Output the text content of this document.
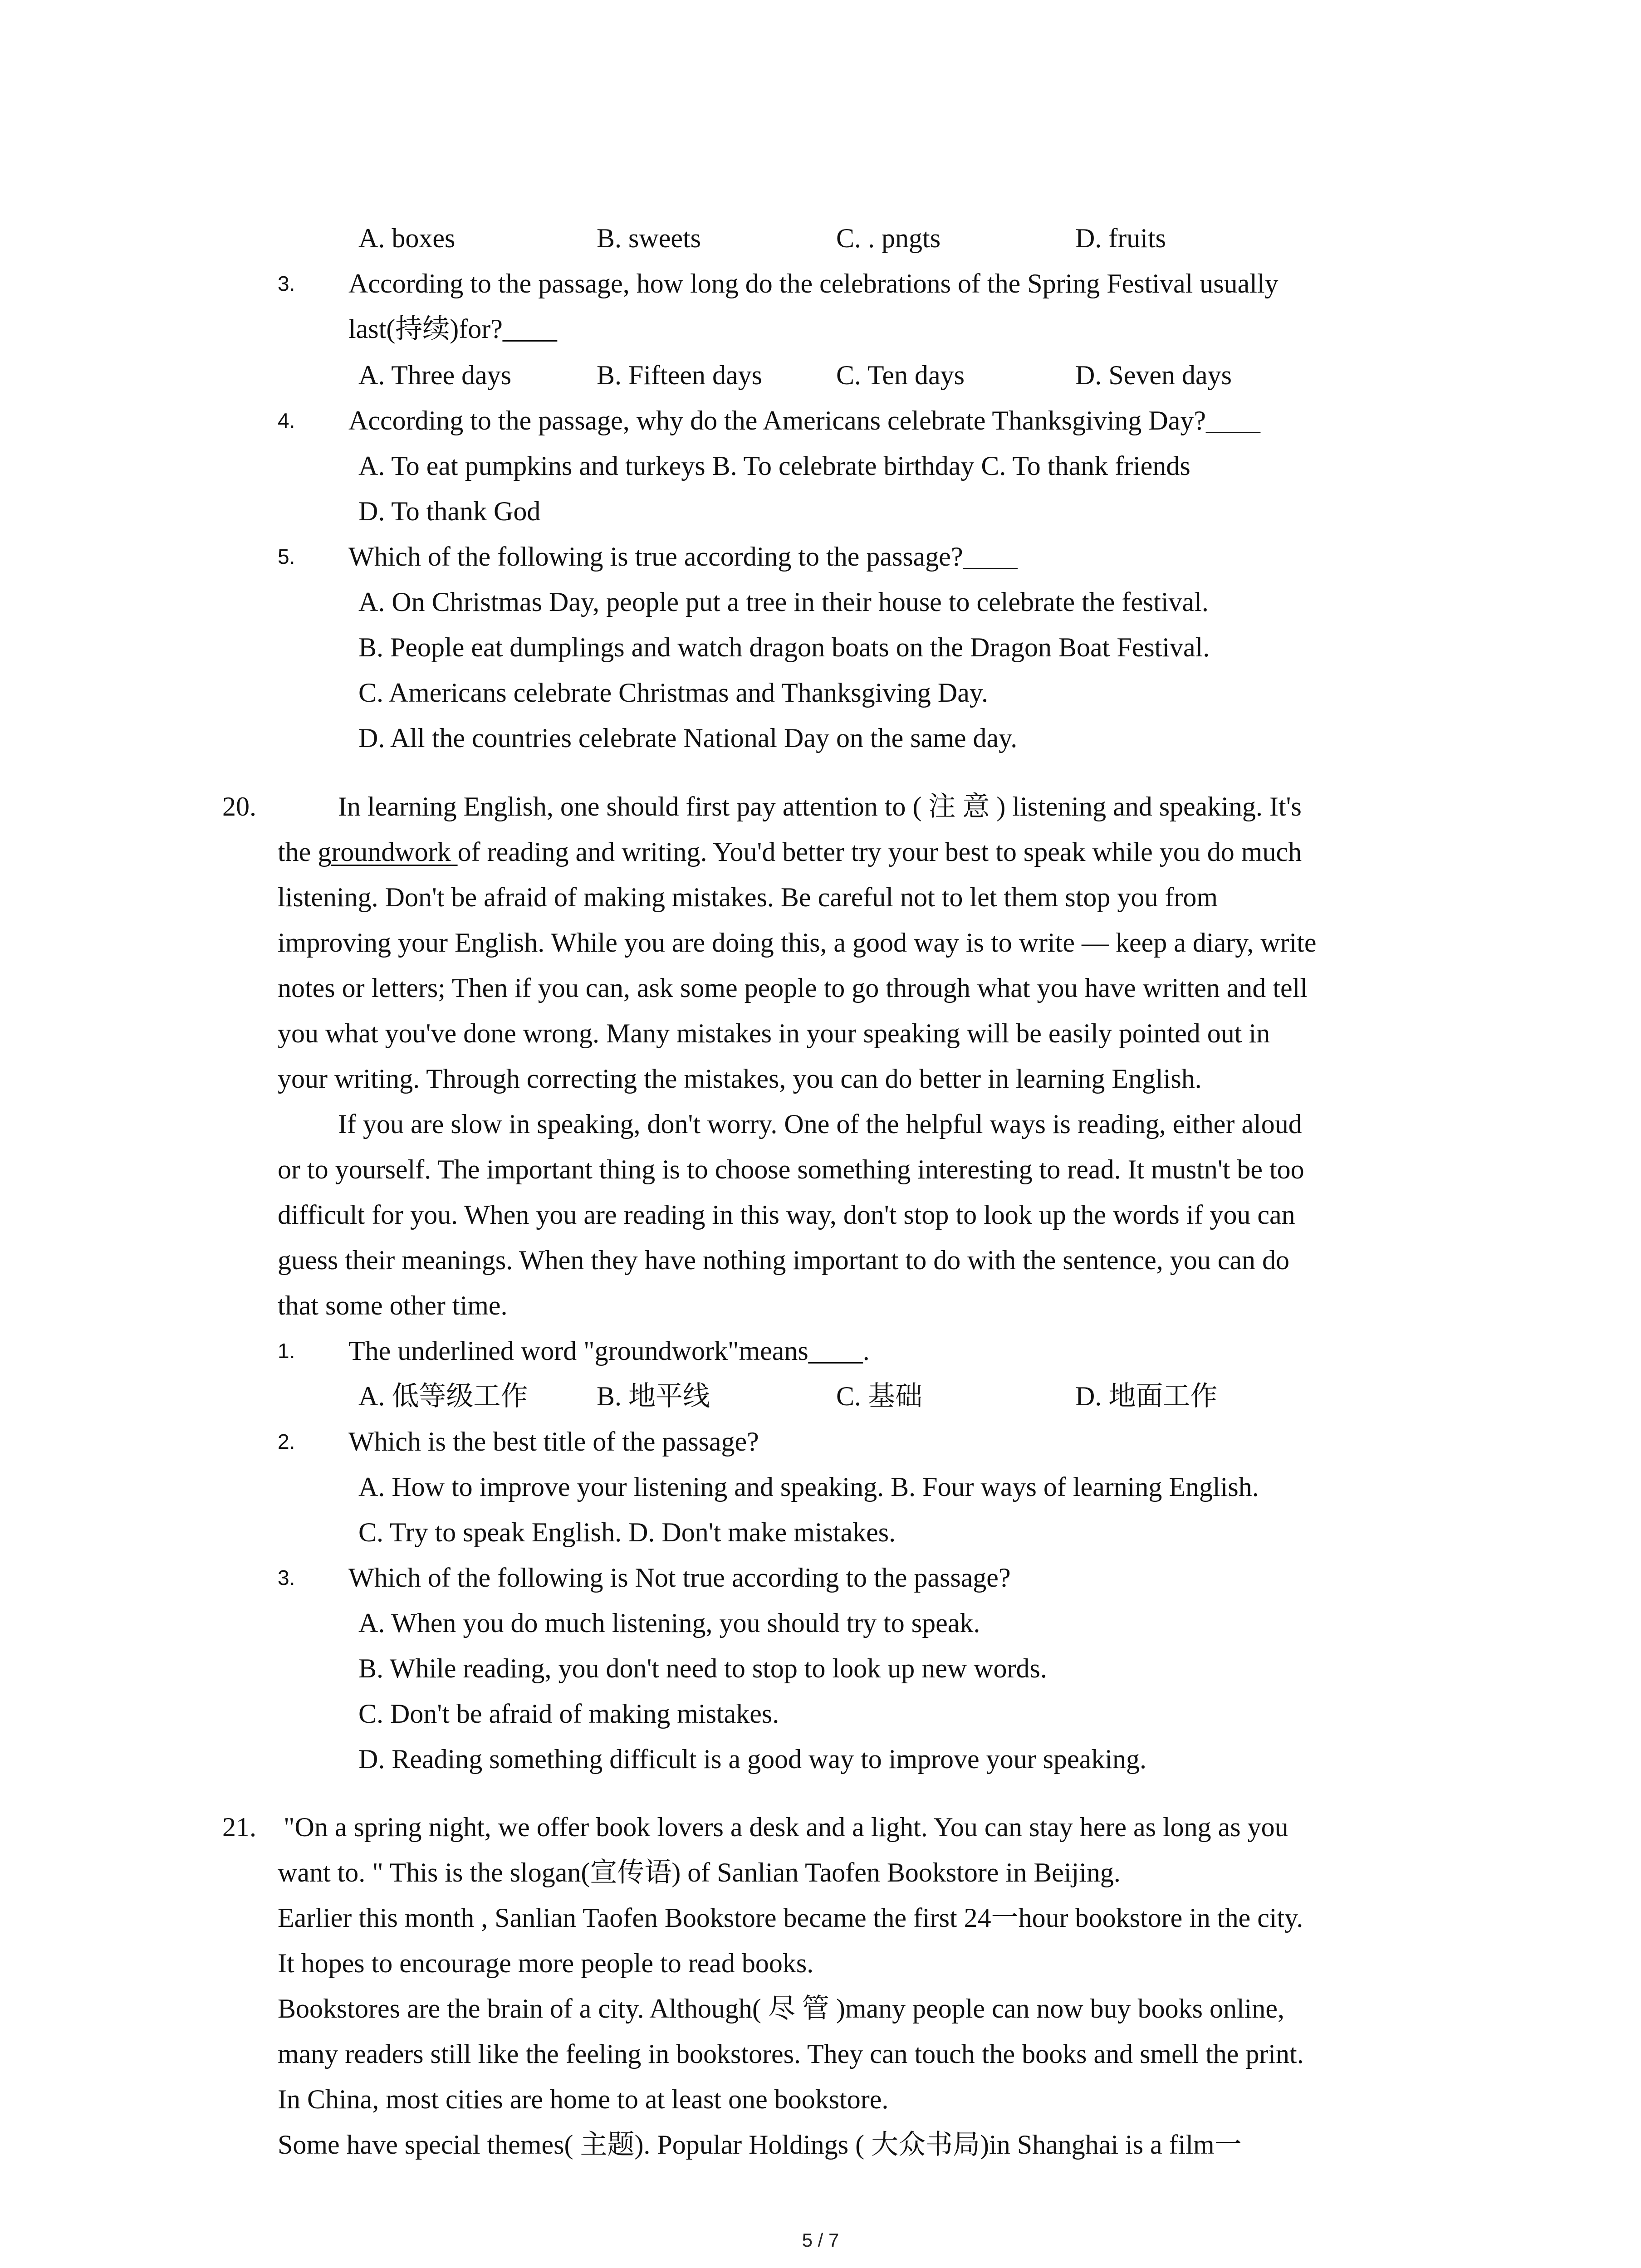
A. boxes	B. sweets	C. . pngts	D. fruits
3. According to the passage, how long do the celebrations of the Spring Festival usually
last(持续)for?____
A. Three days	B. Fifteen days	C. Ten days	D. Seven days
4. According to the passage, why do the Americans celebrate Thanksgiving Day?____
A. To eat pumpkins and turkeys B. To celebrate birthday C. To thank friends
D. To thank God
5. Which of the following is true according to the passage?____
A. On Christmas Day, people put a tree in their house to celebrate the festival.
B. People eat dumplings and watch dragon boats on the Dragon Boat Festival.
C. Americans celebrate Christmas and Thanksgiving Day.
D. All the countries celebrate National Day on the same day.
20.	In learning English, one should first pay attention to ( 注 意 ) listening and speaking. It's
the groundwork of reading and writing. You'd better try your best to speak while you do much
listening. Don't be afraid of making mistakes. Be careful not to let them stop you from
improving your English. While you are doing this, a good way is to write — keep a diary, write
notes or letters; Then if you can, ask some people to go through what you have written and tell
you what you've done wrong. Many mistakes in your speaking will be easily pointed out in
your writing. Through correcting the mistakes, you can do better in learning English.
If you are slow in speaking, don't worry. One of the helpful ways is reading, either aloud
or to yourself. The important thing is to choose something interesting to read. It mustn't be too
difficult for you. When you are reading in this way, don't stop to look up the words if you can
guess their meanings. When they have nothing important to do with the sentence, you can do
that some other time.
1. The underlined word "groundwork"means____.
A. 低等级工作	B. 地平线	C. 基础	D. 地面工作
2. Which is the best title of the passage?
A. How to improve your listening and speaking. B. Four ways of learning English.
C. Try to speak English. D. Don't make mistakes.
3. Which of the following is Not true according to the passage?
A. When you do much listening, you should try to speak.
B. While reading, you don't need to stop to look up new words.
C. Don't be afraid of making mistakes.
D. Reading something difficult is a good way to improve your speaking.
21. "On a spring night, we offer book lovers a desk and a light. You can stay here as long as you
want to. " This is the slogan(宣传语) of Sanlian Taofen Bookstore in Beijing.
Earlier this month , Sanlian Taofen Bookstore became the first 24一hour bookstore in the city.
It hopes to encourage more people to read books.
Bookstores are the brain of a city. Although( 尽 管 )many people can now buy books online,
many readers still like the feeling in bookstores. They can touch the books and smell the print.
In China, most cities are home to at least one bookstore.
Some have special themes( 主题). Popular Holdings ( 大众书局)in Shanghai is a film一
5 / 7
